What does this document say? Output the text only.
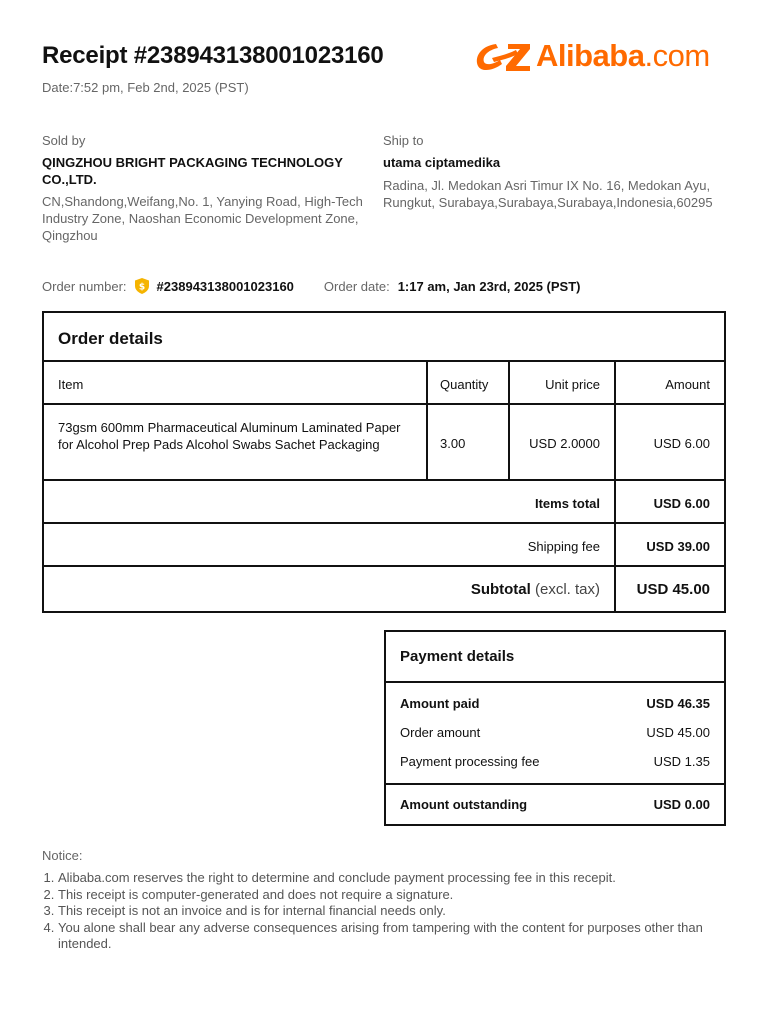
Receipt #238943138001023160
Date:7:52 pm, Feb 2nd, 2025 (PST)
Alibaba.com
Sold by
QINGZHOU BRIGHT PACKAGING TECHNOLOGY CO.,LTD.
CN,Shandong,Weifang,No. 1, Yanying Road, High-Tech Industry Zone, Naoshan Economic Development Zone, Qingzhou
Ship to
utama ciptamedika
Radina, Jl. Medokan Asri Timur IX No. 16, Medokan Ayu, Rungkut, Surabaya,Surabaya,Surabaya,Indonesia,60295
Order number: $ #238943138001023160 Order date: 1:17 am, Jan 23rd, 2025 (PST)
Order details
Item	Quantity	Unit price	Amount
73gsm 600mm Pharmaceutical Aluminum Laminated Paper for Alcohol Prep Pads Alcohol Swabs Sachet Packaging	3.00	USD 2.0000	USD 6.00
Items total	USD 6.00
Shipping fee	USD 39.00
Subtotal (excl. tax)	USD 45.00
Payment details
Amount paid	USD 46.35
Order amount	USD 45.00
Payment processing fee	USD 1.35
Amount outstanding	USD 0.00
Notice:
1. Alibaba.com reserves the right to determine and conclude payment processing fee in this recepit.
2. This receipt is computer-generated and does not require a signature.
3. This receipt is not an invoice and is for internal financial needs only.
4. You alone shall bear any adverse consequences arising from tampering with the content for purposes other than intended.
